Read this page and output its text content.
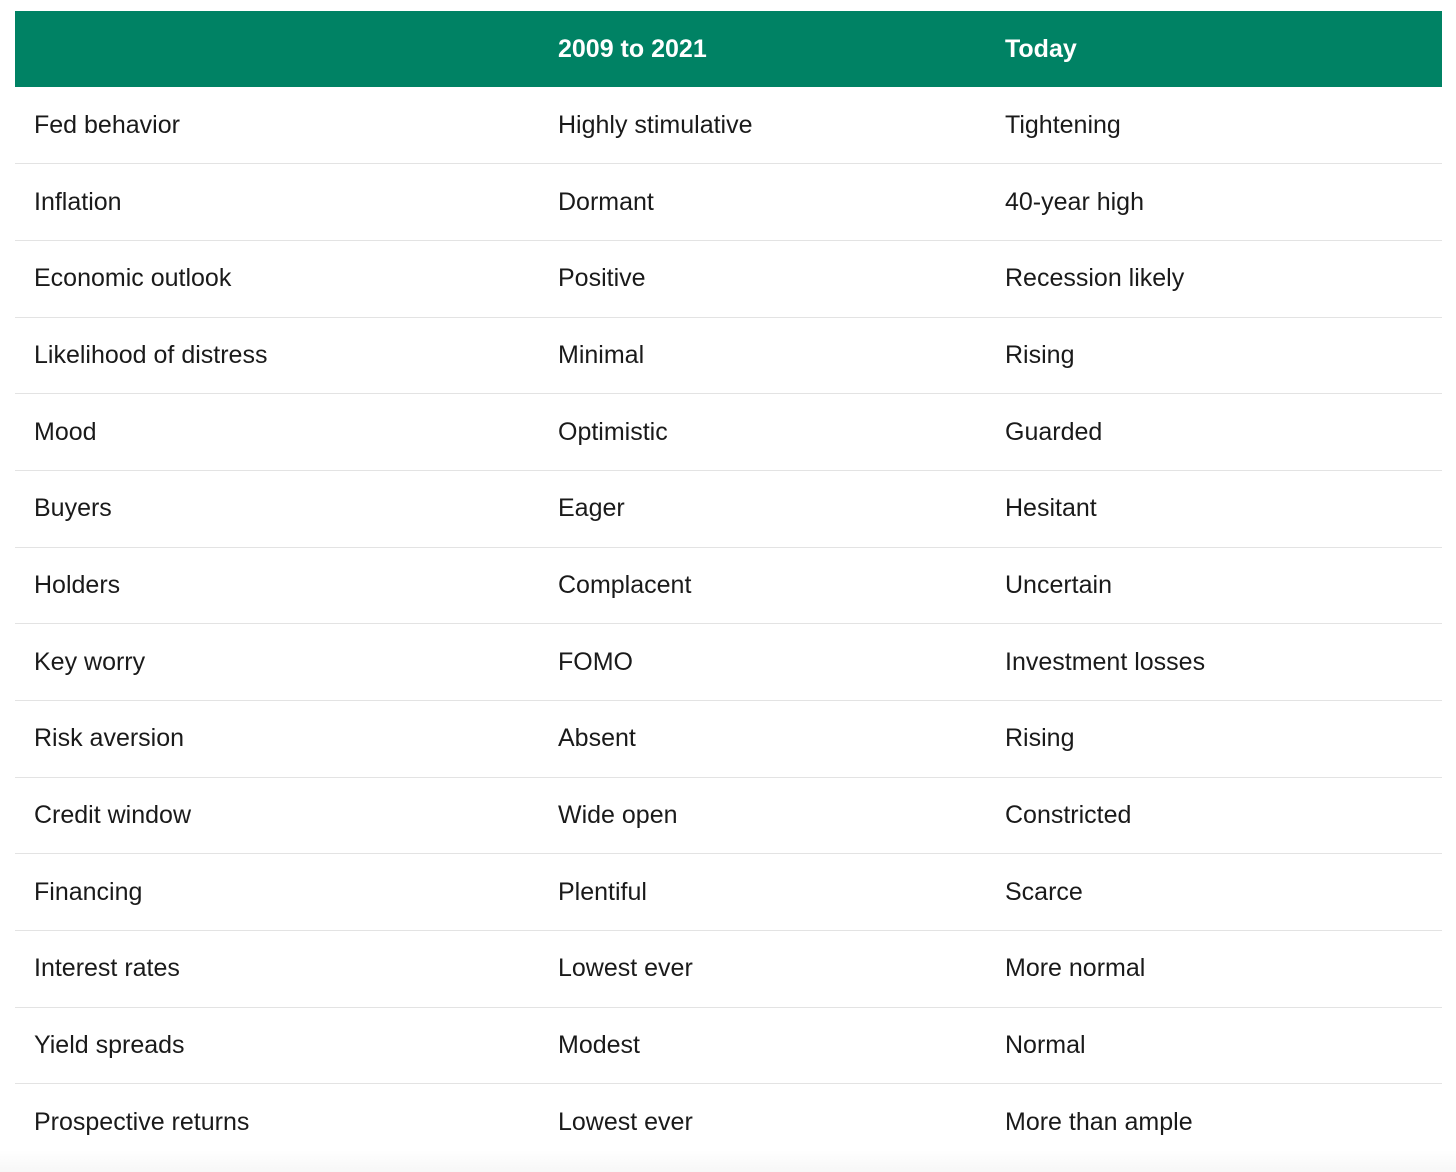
	2009 to 2021	Today
Fed behavior	Highly stimulative	Tightening
Inflation	Dormant	40-year high
Economic outlook	Positive	Recession likely
Likelihood of distress	Minimal	Rising
Mood	Optimistic	Guarded
Buyers	Eager	Hesitant
Holders	Complacent	Uncertain
Key worry	FOMO	Investment losses
Risk aversion	Absent	Rising
Credit window	Wide open	Constricted
Financing	Plentiful	Scarce
Interest rates	Lowest ever	More normal
Yield spreads	Modest	Normal
Prospective returns	Lowest ever	More than ample
